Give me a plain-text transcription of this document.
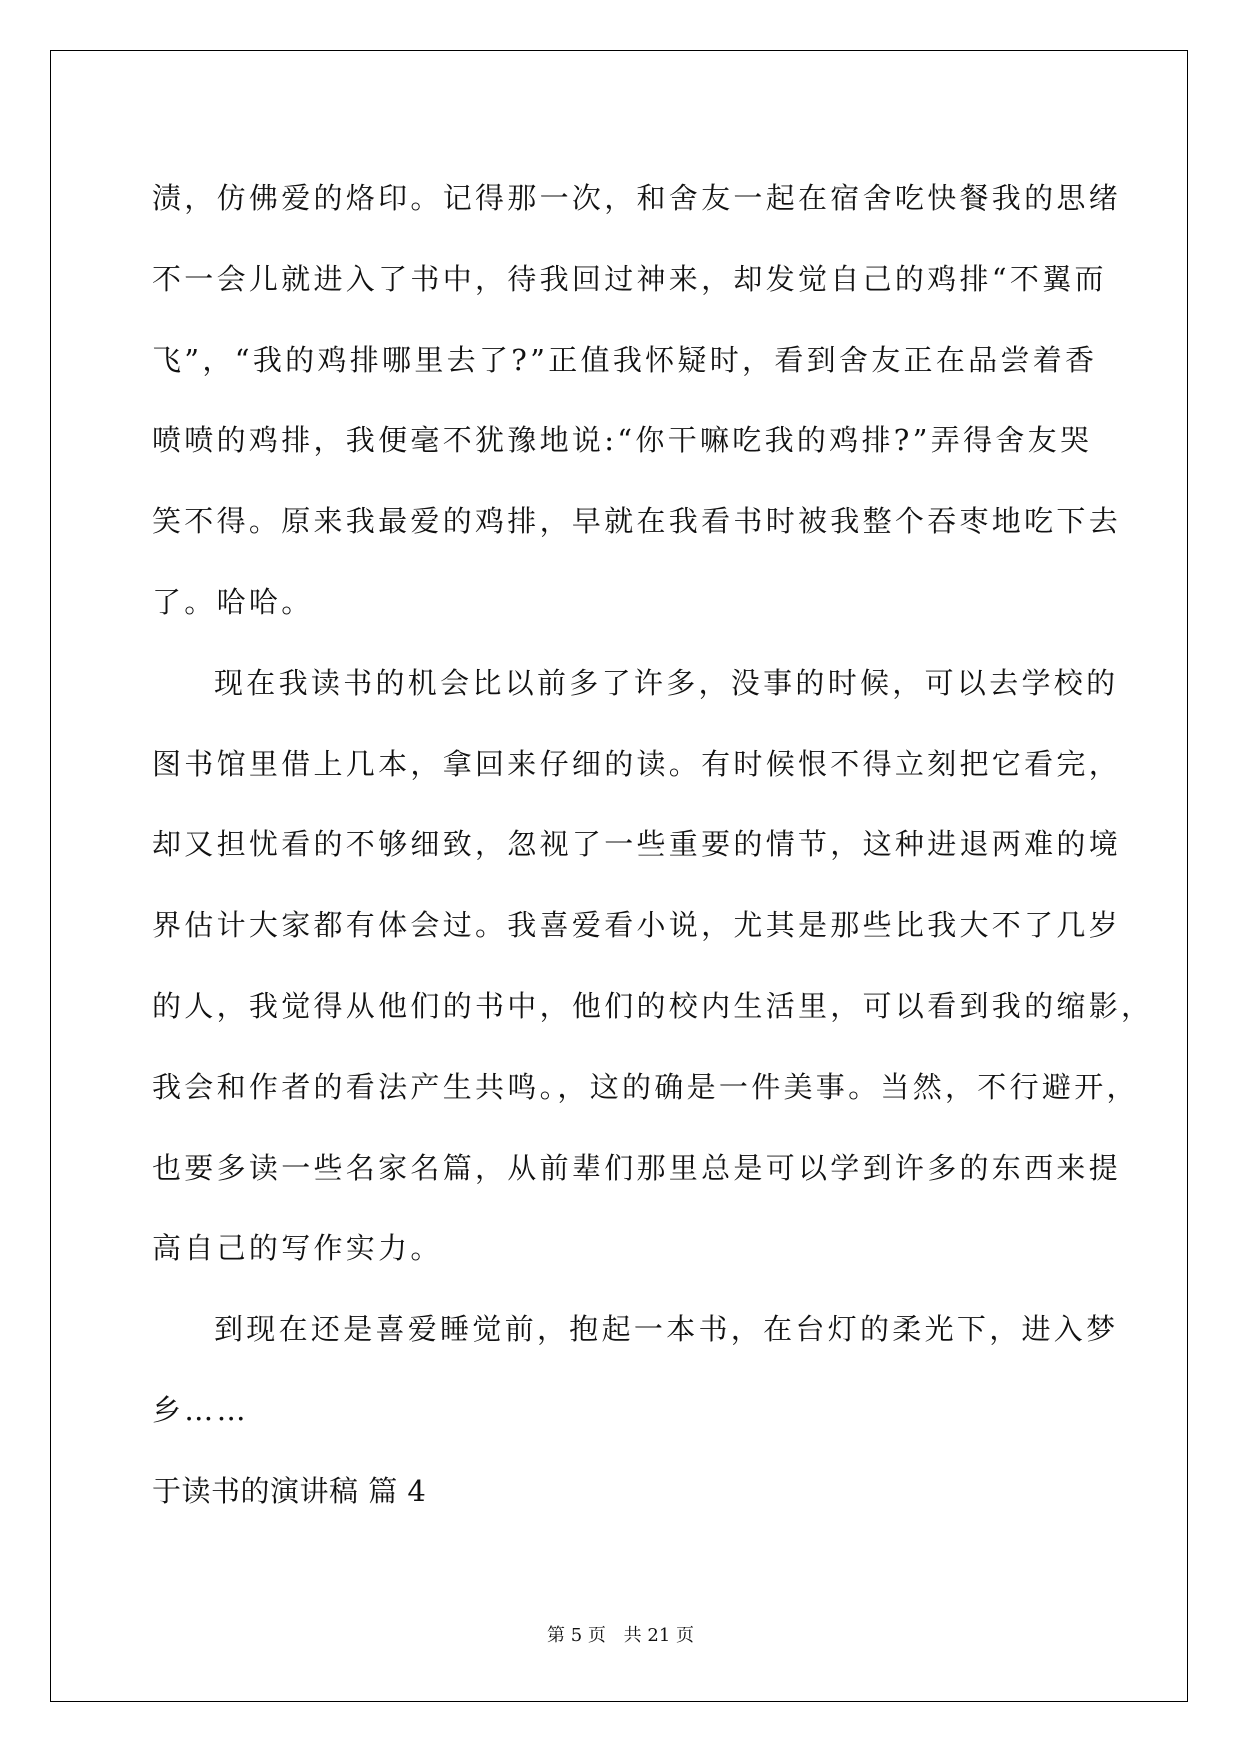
渍，仿佛爱的烙印。记得那一次，和舍友一起在宿舍吃快餐我的思绪

不一会儿就进入了书中，待我回过神来，却发觉自己的鸡排“不翼而

飞”，“我的鸡排哪里去了?”正值我怀疑时，看到舍友正在品尝着香

喷喷的鸡排，我便毫不犹豫地说:“你干嘛吃我的鸡排?”弄得舍友哭

笑不得。原来我最爱的鸡排，早就在我看书时被我整个吞枣地吃下去

了。哈哈。

现在我读书的机会比以前多了许多，没事的时候，可以去学校的

图书馆里借上几本，拿回来仔细的读。有时候恨不得立刻把它看完，

却又担忧看的不够细致，忽视了一些重要的情节，这种进退两难的境

界估计大家都有体会过。我喜爱看小说，尤其是那些比我大不了几岁

的人，我觉得从他们的书中，他们的校内生活里，可以看到我的缩影，

我会和作者的看法产生共鸣。，这的确是一件美事。当然，不行避开，

也要多读一些名家名篇，从前辈们那里总是可以学到许多的东西来提

高自己的写作实力。

到现在还是喜爱睡觉前，抱起一本书，在台灯的柔光下，进入梦

乡……

于读书的演讲稿 篇 4

第 5 页 共 21 页
